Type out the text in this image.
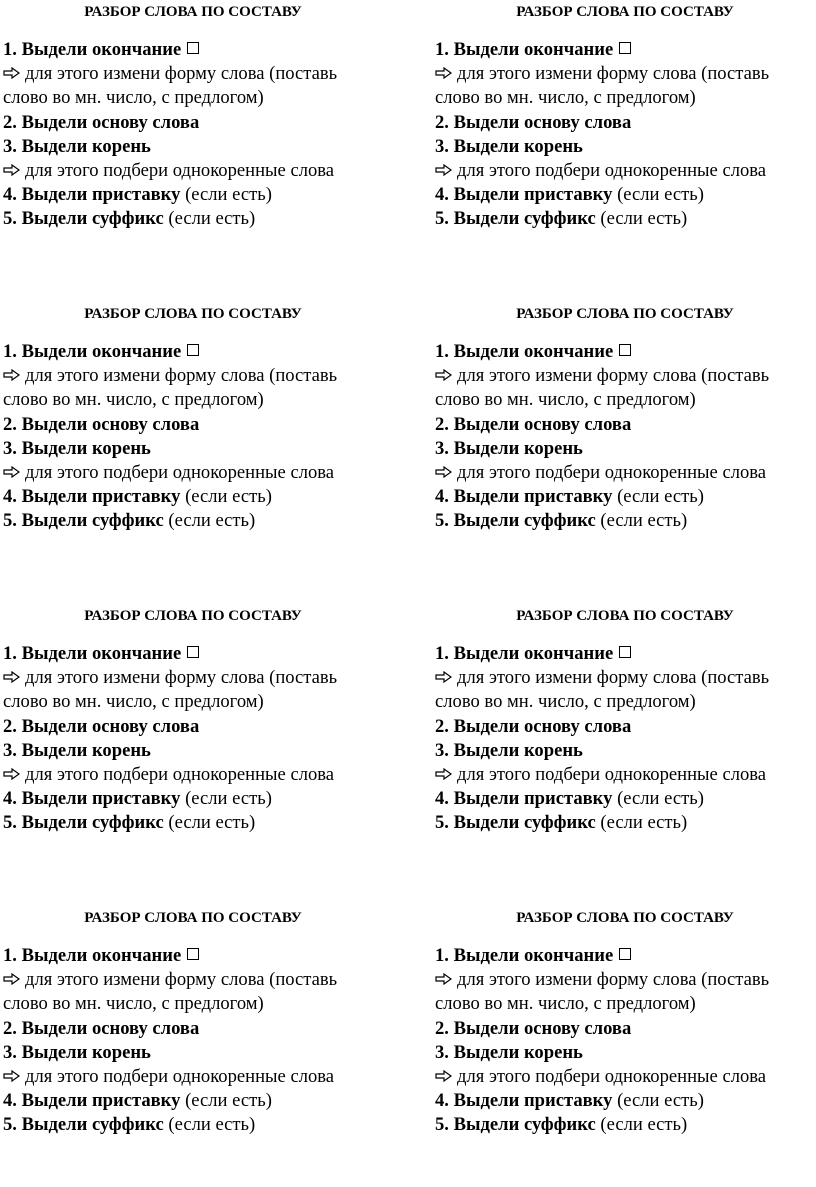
РАЗБОР СЛОВА ПО СОСТАВУ
1. Выдели окончание
для этого измени форму слова (поставь
слово во мн. число, с предлогом)
2. Выдели основу слова
3. Выдели корень
для этого подбери однокоренные слова
4. Выдели приставку (если есть)
5. Выдели суффикс (если есть)
РАЗБОР СЛОВА ПО СОСТАВУ
1. Выдели окончание
для этого измени форму слова (поставь
слово во мн. число, с предлогом)
2. Выдели основу слова
3. Выдели корень
для этого подбери однокоренные слова
4. Выдели приставку (если есть)
5. Выдели суффикс (если есть)
РАЗБОР СЛОВА ПО СОСТАВУ
1. Выдели окончание
для этого измени форму слова (поставь
слово во мн. число, с предлогом)
2. Выдели основу слова
3. Выдели корень
для этого подбери однокоренные слова
4. Выдели приставку (если есть)
5. Выдели суффикс (если есть)
РАЗБОР СЛОВА ПО СОСТАВУ
1. Выдели окончание
для этого измени форму слова (поставь
слово во мн. число, с предлогом)
2. Выдели основу слова
3. Выдели корень
для этого подбери однокоренные слова
4. Выдели приставку (если есть)
5. Выдели суффикс (если есть)
РАЗБОР СЛОВА ПО СОСТАВУ
1. Выдели окончание
для этого измени форму слова (поставь
слово во мн. число, с предлогом)
2. Выдели основу слова
3. Выдели корень
для этого подбери однокоренные слова
4. Выдели приставку (если есть)
5. Выдели суффикс (если есть)
РАЗБОР СЛОВА ПО СОСТАВУ
1. Выдели окончание
для этого измени форму слова (поставь
слово во мн. число, с предлогом)
2. Выдели основу слова
3. Выдели корень
для этого подбери однокоренные слова
4. Выдели приставку (если есть)
5. Выдели суффикс (если есть)
РАЗБОР СЛОВА ПО СОСТАВУ
1. Выдели окончание
для этого измени форму слова (поставь
слово во мн. число, с предлогом)
2. Выдели основу слова
3. Выдели корень
для этого подбери однокоренные слова
4. Выдели приставку (если есть)
5. Выдели суффикс (если есть)
РАЗБОР СЛОВА ПО СОСТАВУ
1. Выдели окончание
для этого измени форму слова (поставь
слово во мн. число, с предлогом)
2. Выдели основу слова
3. Выдели корень
для этого подбери однокоренные слова
4. Выдели приставку (если есть)
5. Выдели суффикс (если есть)
